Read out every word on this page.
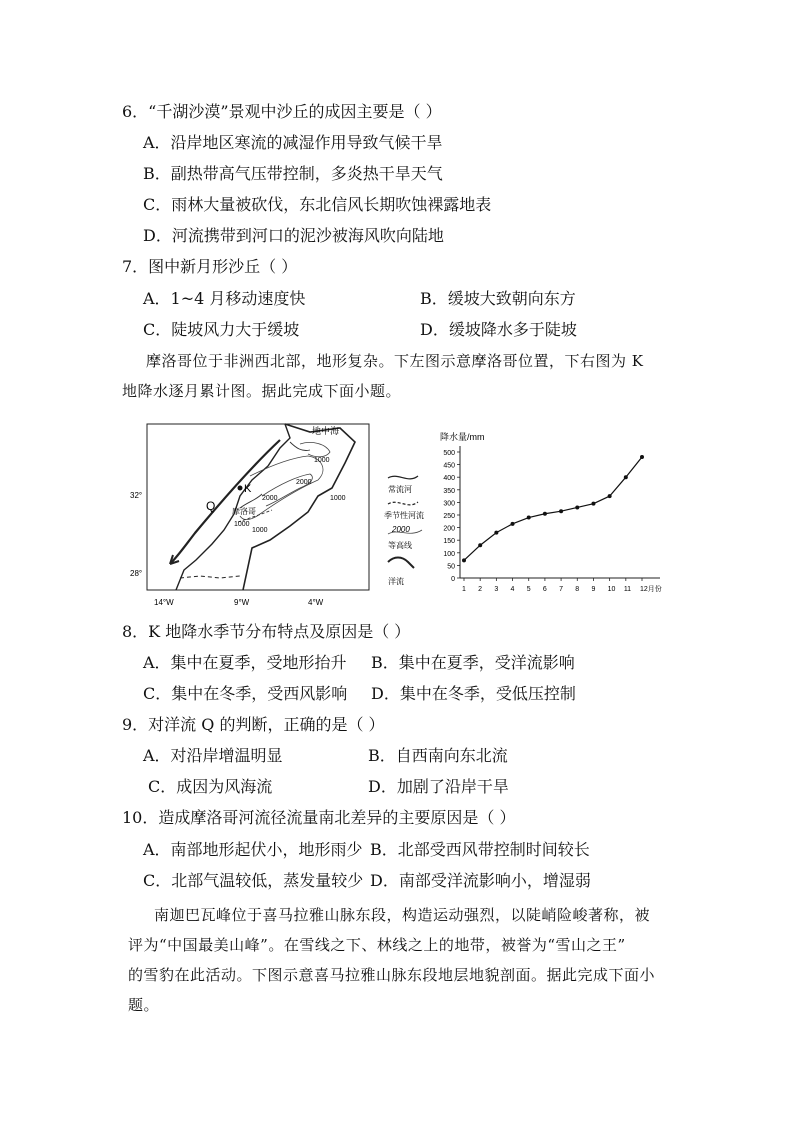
6．“千湖沙漠”景观中沙丘的成因主要是（ ）
A．沿岸地区寒流的减湿作用导致气候干旱
B．副热带高气压带控制，多炎热干旱天气
C．雨林大量被砍伐，东北信风长期吹蚀裸露地表
D．河流携带到河口的泥沙被海风吹向陆地
7．图中新月形沙丘（ ）
A．1~4 月移动速度快	B．缓坡大致朝向东方
C．陡坡风力大于缓坡	D．缓坡降水多于陡坡
摩洛哥位于非洲西北部，地形复杂。下左图示意摩洛哥位置，下右图为 K
地降水逐月累计图。据此完成下面小题。
地中海
Q
K
摩洛哥
1000
2000
1000
1000
1000
2000
32°
28°
14°W	9°W	4°W
常流河
季节性河流
2000
等高线
洋流
降水量/mm
0
50
100
150
200
250
300
350
400
450
500
1 2 3 4 5 6 7 8 9 10 11 12月份
8．K 地降水季节分布特点及原因是（ ）
A．集中在夏季，受地形抬升 B．集中在夏季，受洋流影响
C．集中在冬季，受西风影响 D．集中在冬季，受低压控制
9．对洋流 Q 的判断，正确的是（ ）
A．对沿岸增温明显	B．自西南向东北流
C．成因为风海流	D．加剧了沿岸干旱
10．造成摩洛哥河流径流量南北差异的主要原因是（ ）
A．南部地形起伏小，地形雨少 B．北部受西风带控制时间较长
C．北部气温较低，蒸发量较少 D．南部受洋流影响小，增湿弱
南迦巴瓦峰位于喜马拉雅山脉东段，构造运动强烈，以陡峭险峻著称，被
评为“中国最美山峰”。在雪线之下、林线之上的地带，被誉为“雪山之王”
的雪豹在此活动。下图示意喜马拉雅山脉东段地层地貌剖面。据此完成下面小
题。
